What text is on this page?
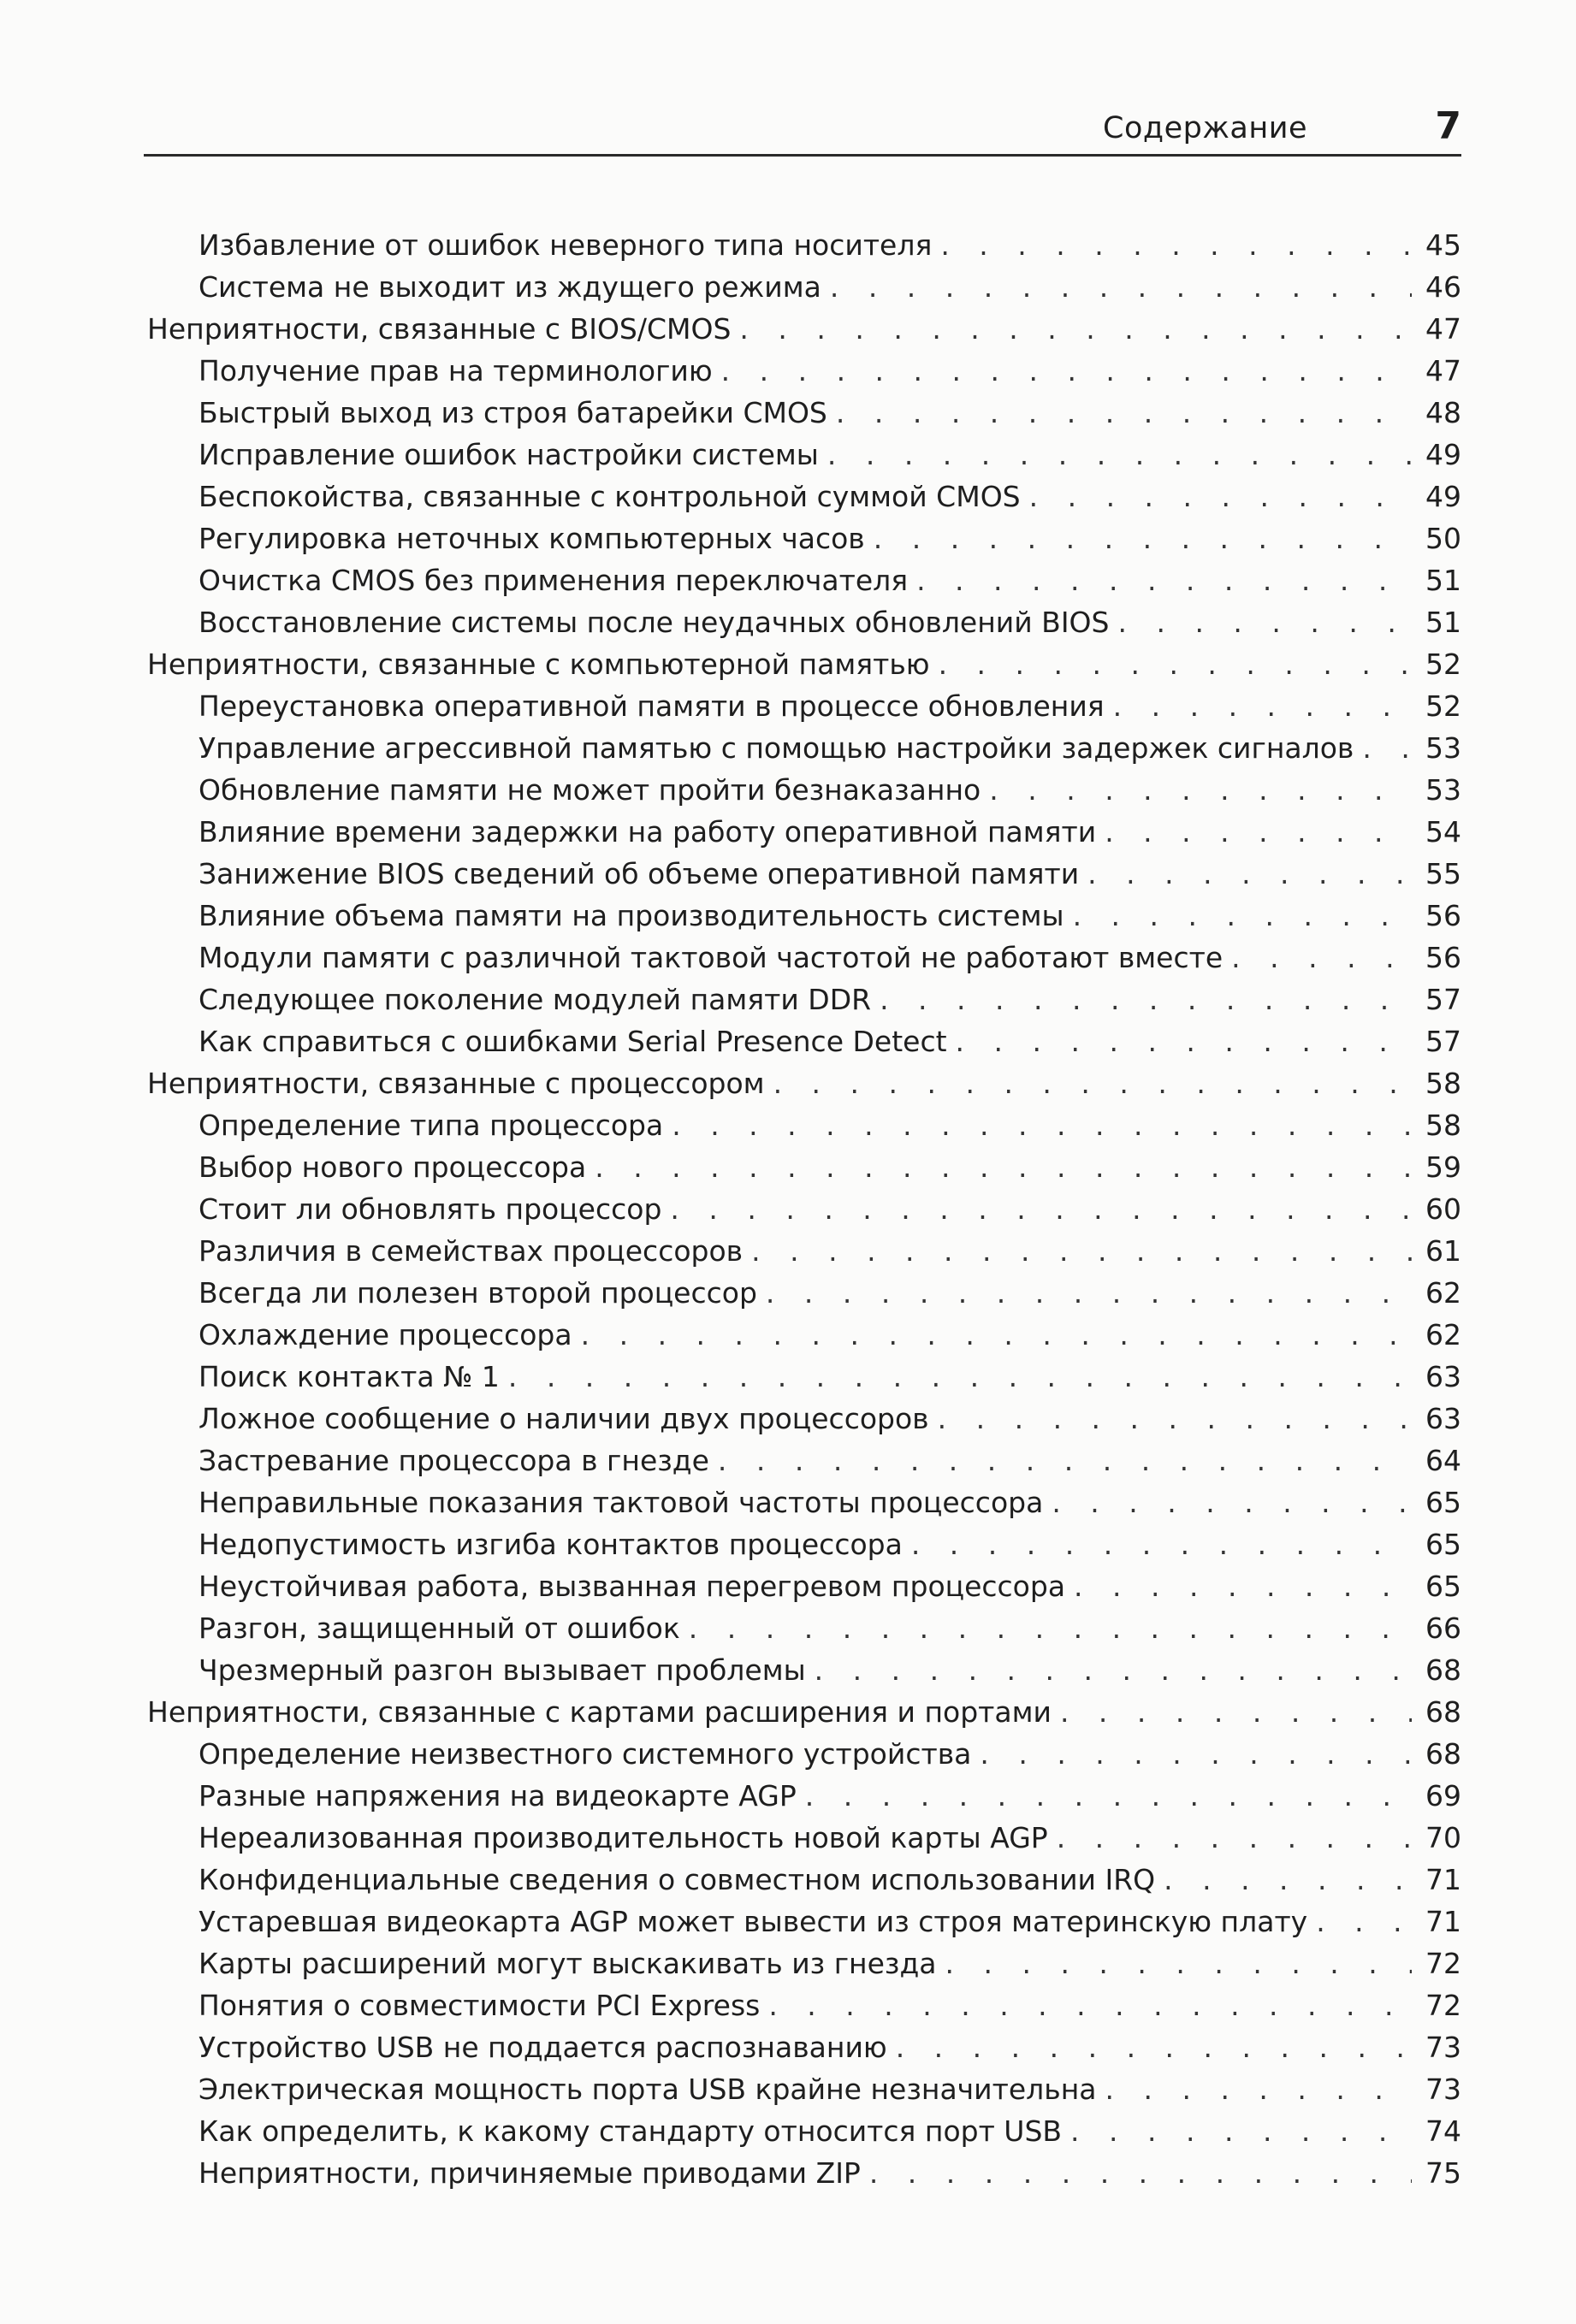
Содержание	7
Избавление от ошибок неверного типа носителя . . .	45
Система не выходит из ждущего режима . . .	46
Неприятности, связанные с BIOS/CMOS . . .	47
Получение прав на терминологию . . .	47
Быстрый выход из строя батарейки CMOS . . .	48
Исправление ошибок настройки системы . . .	49
Беспокойства, связанные с контрольной суммой CMOS . . .	49
Регулировка неточных компьютерных часов . . .	50
Очистка CMOS без применения переключателя . . .	51
Восстановление системы после неудачных обновлений BIOS . . .	51
Неприятности, связанные с компьютерной памятью . . .	52
Переустановка оперативной памяти в процессе обновления . . .	52
Управление агрессивной памятью с помощью настройки задержек сигналов . . .	53
Обновление памяти не может пройти безнаказанно . . .	53
Влияние времени задержки на работу оперативной памяти . . .	54
Занижение BIOS сведений об объеме оперативной памяти . . .	55
Влияние объема памяти на производительность системы . . .	56
Модули памяти с различной тактовой частотой не работают вместе . . .	56
Следующее поколение модулей памяти DDR . . .	57
Как справиться с ошибками Serial Presence Detect . . .	57
Неприятности, связанные с процессором . . .	58
Определение типа процессора . . .	58
Выбор нового процессора . . .	59
Стоит ли обновлять процессор . . .	60
Различия в семействах процессоров . . .	61
Всегда ли полезен второй процессор . . .	62
Охлаждение процессора . . .	62
Поиск контакта № 1 . . .	63
Ложное сообщение о наличии двух процессоров . . .	63
Застревание процессора в гнезде . . .	64
Неправильные показания тактовой частоты процессора . . .	65
Недопустимость изгиба контактов процессора . . .	65
Неустойчивая работа, вызванная перегревом процессора . . .	65
Разгон, защищенный от ошибок . . .	66
Чрезмерный разгон вызывает проблемы . . .	68
Неприятности, связанные с картами расширения и портами . . .	68
Определение неизвестного системного устройства . . .	68
Разные напряжения на видеокарте AGP . . .	69
Нереализованная производительность новой карты AGP . . .	70
Конфиденциальные сведения о совместном использовании IRQ . . .	71
Устаревшая видеокарта AGP может вывести из строя материнскую плату . . .	71
Карты расширений могут выскакивать из гнезда . . .	72
Понятия о совместимости PCI Express . . .	72
Устройство USB не поддается распознаванию . . .	73
Электрическая мощность порта USB крайне незначительна . . .	73
Как определить, к какому стандарту относится порт USB . . .	74
Неприятности, причиняемые приводами ZIP . . .	75
